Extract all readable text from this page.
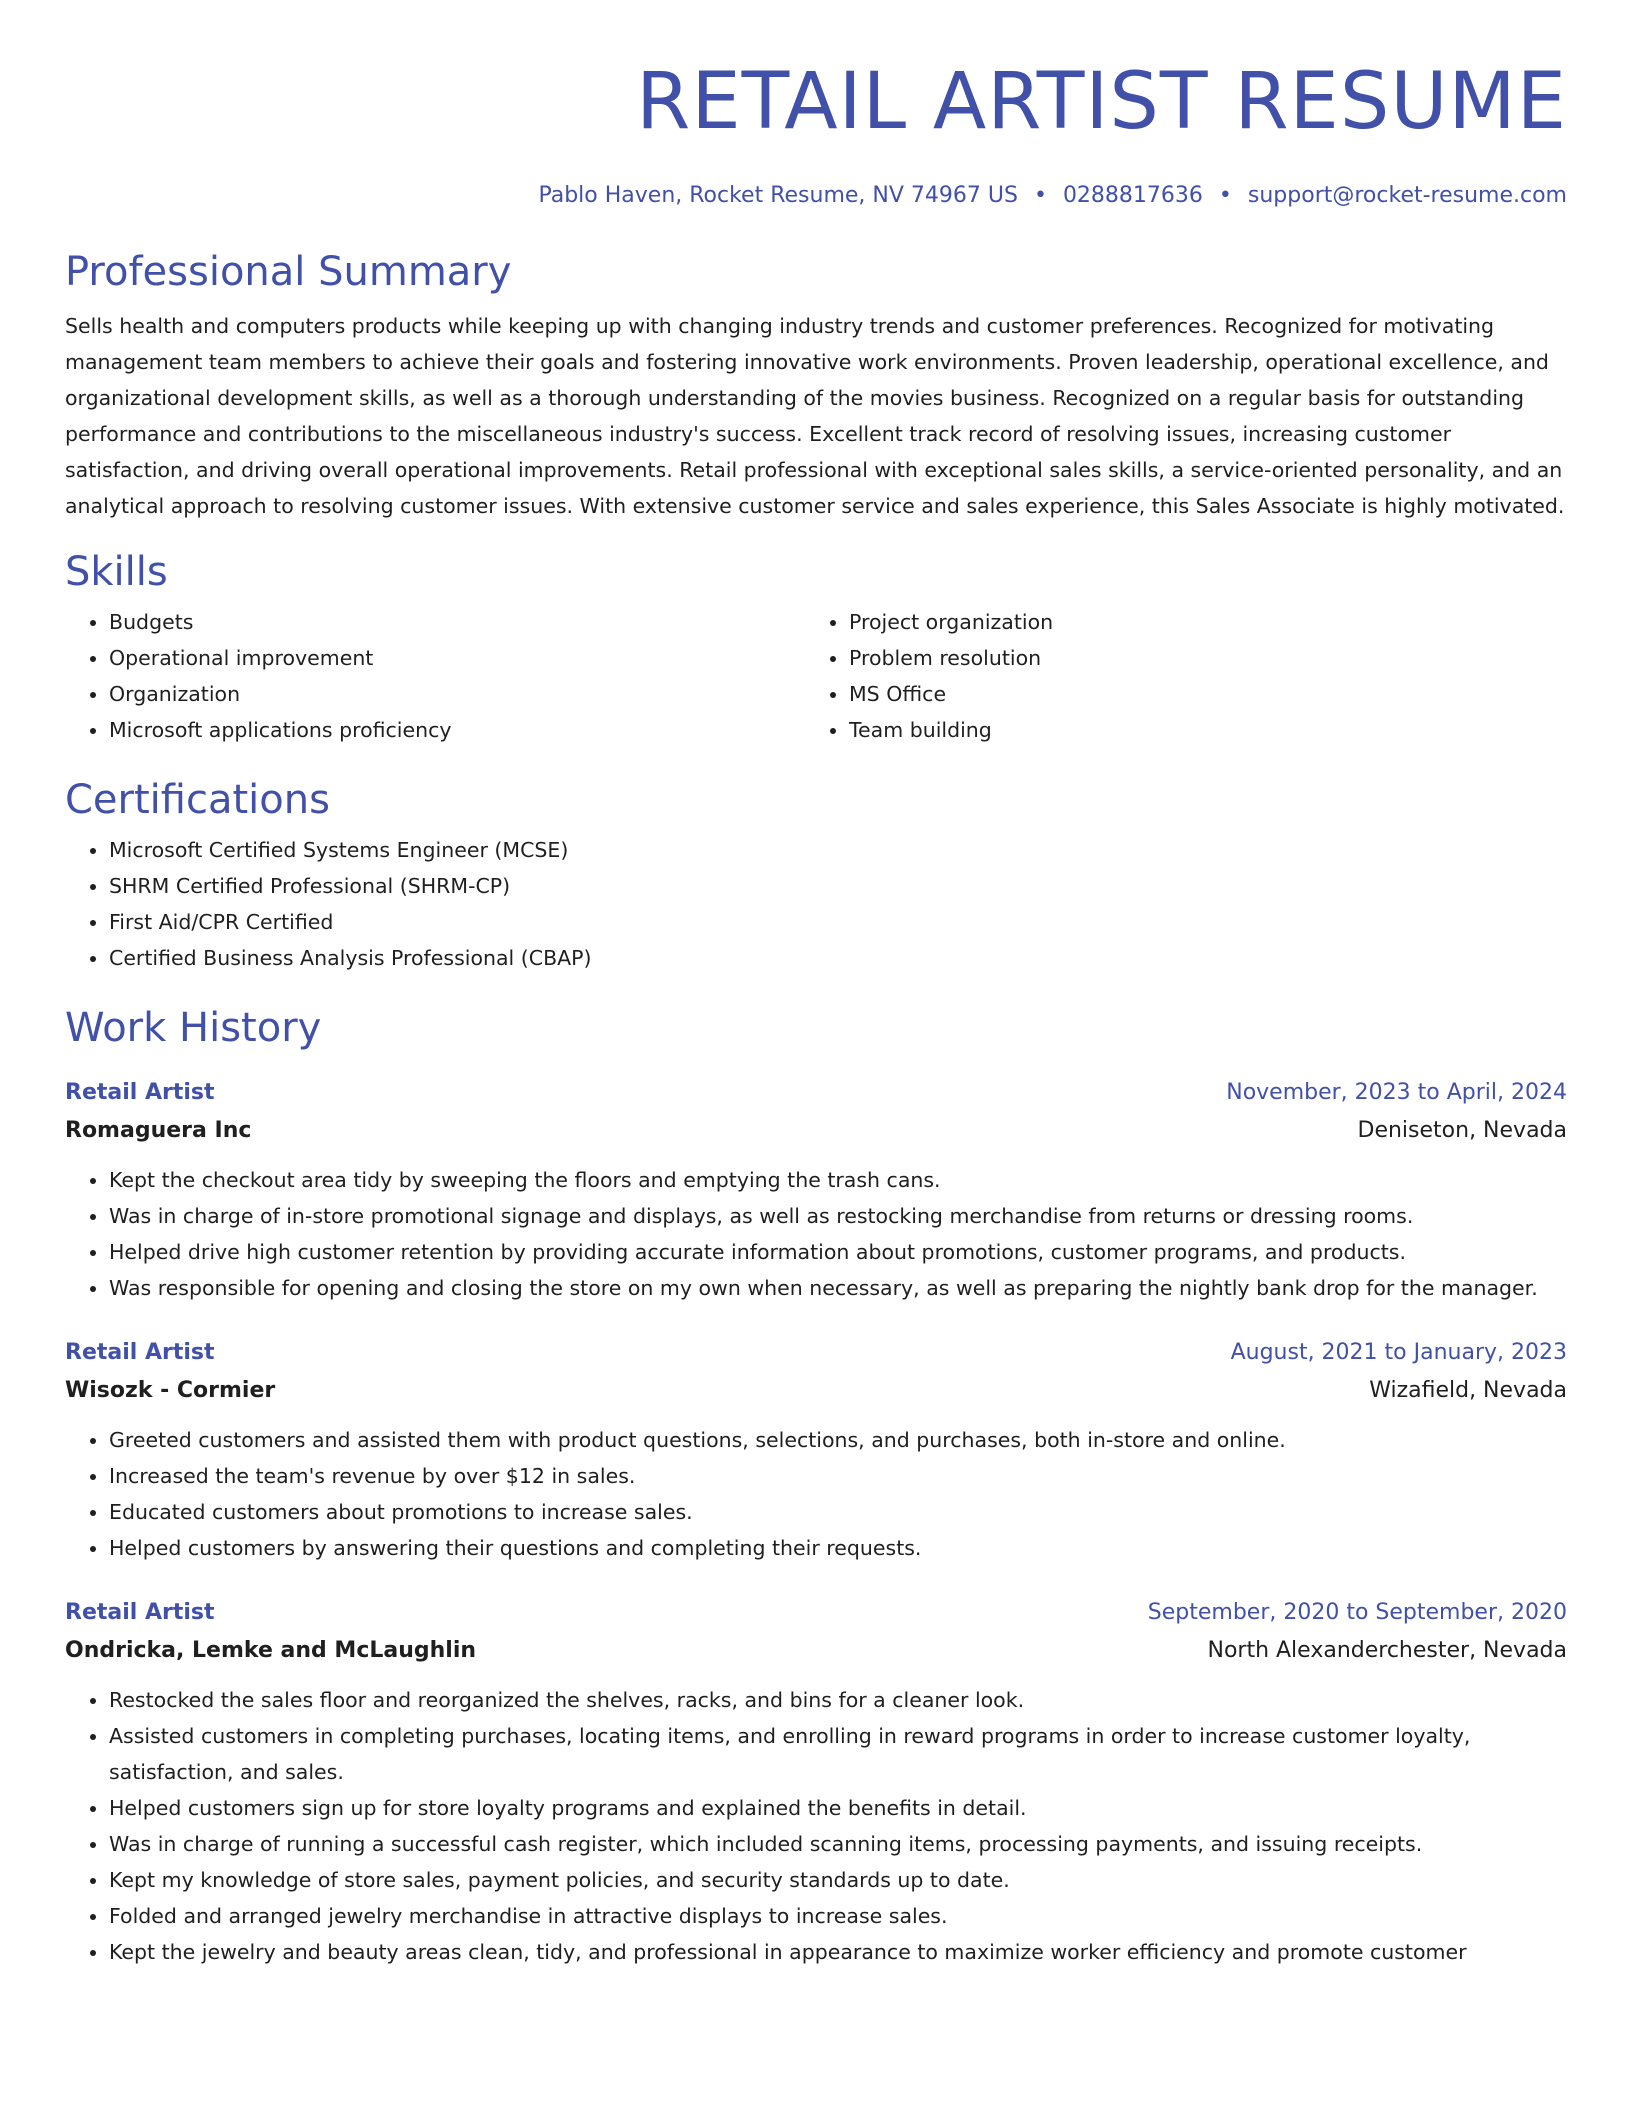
RETAIL ARTIST RESUME
Pablo Haven, Rocket Resume, NV 74967 US • 0288817636 • support@rocket-resume.com
Professional Summary

Sells health and computers products while keeping up with changing industry trends and customer preferences. Recognized for motivating management team members to achieve their goals and fostering innovative work environments. Proven leadership, operational excellence, and organizational development skills, as well as a thorough understanding of the movies business. Recognized on a regular basis for outstanding performance and contributions to the miscellaneous industry's success. Excellent track record of resolving issues, increasing customer satisfaction, and driving overall operational improvements. Retail professional with exceptional sales skills, a service-oriented personality, and an analytical approach to resolving customer issues. With extensive customer service and sales experience, this Sales Associate is highly motivated.

Skills
• Budgets
• Operational improvement
• Organization
• Microsoft applications proficiency
• Project organization
• Problem resolution
• MS Office
• Team building
Certifications
• Microsoft Certified Systems Engineer (MCSE)
• SHRM Certified Professional (SHRM-CP)
• First Aid/CPR Certified
• Certified Business Analysis Professional (CBAP)
Work History
Retail Artist	November, 2023 to April, 2024
Romaguera Inc	Deniseton, Nevada
• Kept the checkout area tidy by sweeping the floors and emptying the trash cans.
• Was in charge of in-store promotional signage and displays, as well as restocking merchandise from returns or dressing rooms.
• Helped drive high customer retention by providing accurate information about promotions, customer programs, and products.
• Was responsible for opening and closing the store on my own when necessary, as well as preparing the nightly bank drop for the manager.
Retail Artist	August, 2021 to January, 2023
Wisozk - Cormier	Wizafield, Nevada
• Greeted customers and assisted them with product questions, selections, and purchases, both in-store and online.
• Increased the team's revenue by over $12 in sales.
• Educated customers about promotions to increase sales.
• Helped customers by answering their questions and completing their requests.
Retail Artist	September, 2020 to September, 2020
Ondricka, Lemke and McLaughlin	North Alexanderchester, Nevada
• Restocked the sales floor and reorganized the shelves, racks, and bins for a cleaner look.
• Assisted customers in completing purchases, locating items, and enrolling in reward programs in order to increase customer loyalty, satisfaction, and sales.
• Helped customers sign up for store loyalty programs and explained the benefits in detail.
• Was in charge of running a successful cash register, which included scanning items, processing payments, and issuing receipts.
• Kept my knowledge of store sales, payment policies, and security standards up to date.
• Folded and arranged jewelry merchandise in attractive displays to increase sales.
• Kept the jewelry and beauty areas clean, tidy, and professional in appearance to maximize worker efficiency and promote customer
